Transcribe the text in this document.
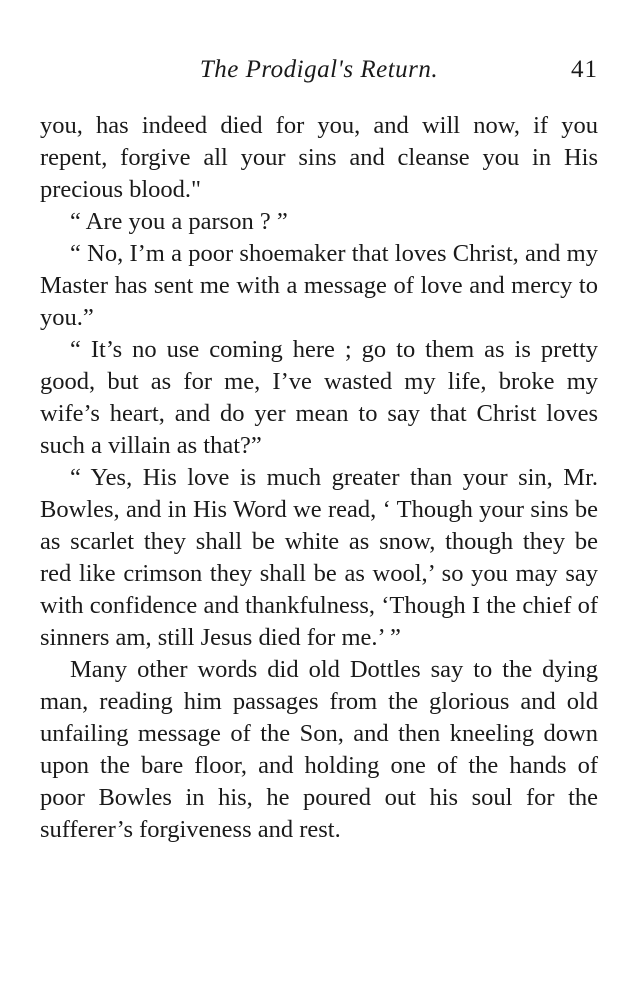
The Prodigal's Return.	41

you, has indeed died for you, and will now, if you repent, forgive all your sins and cleanse you in His precious blood."

“ Are you a parson ? ”

“ No, I’m a poor shoemaker that loves Christ, and my Master has sent me with a message of love and mercy to you.”

“ It’s no use coming here ; go to them as is pretty good, but as for me, I’ve wasted my life, broke my wife’s heart, and do yer mean to say that Christ loves such a villain as that?”

“ Yes, His love is much greater than your sin, Mr. Bowles, and in His Word we read, ‘ Though your sins be as scarlet they shall be white as snow, though they be red like crimson they shall be as wool,’ so you may say with confidence and thankfulness, ‘Though I the chief of sinners am, still Jesus died for me.’ ”

Many other words did old Dottles say to the dying man, reading him passages from the glorious and old unfailing message of the Son, and then kneeling down upon the bare floor, and holding one of the hands of poor Bowles in his, he poured out his soul for the sufferer’s forgiveness and rest.
